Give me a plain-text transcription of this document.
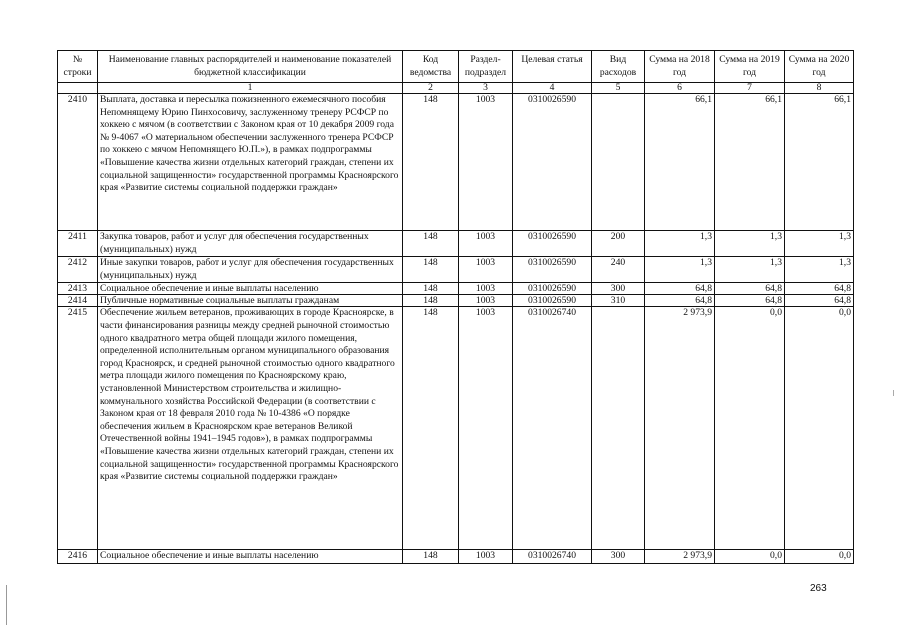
№ строки	Наименование главных распорядителей и наименование показателей бюджетной классификации	Код ведомства	Раздел-подраздел	Целевая статья	Вид расходов	Сумма на 2018 год	Сумма на 2019 год	Сумма на 2020 год
	1	2	3	4	5	6	7	8
2410	Выплата, доставка и пересылка пожизненного ежемесячного пособия Непомнящему Юрию Пинхосовичу, заслуженному тренеру РСФСР по хоккею с мячом (в соответствии с Законом края от 10 декабря 2009 года № 9-4067 «О материальном обеспечении заслуженного тренера РСФСР по хоккею с мячом Непомнящего Ю.П.»), в рамках подпрограммы «Повышение качества жизни отдельных категорий граждан, степени их социальной защищенности» государственной программы Красноярского края «Развитие системы социальной поддержки граждан»	148	1003	0310026590		66,1	66,1	66,1
2411	Закупка товаров, работ и услуг для обеспечения государственных (муниципальных) нужд	148	1003	0310026590	200	1,3	1,3	1,3
2412	Иные закупки товаров, работ и услуг для обеспечения государственных (муниципальных) нужд	148	1003	0310026590	240	1,3	1,3	1,3
2413	Социальное обеспечение и иные выплаты населению	148	1003	0310026590	300	64,8	64,8	64,8
2414	Публичные нормативные социальные выплаты гражданам	148	1003	0310026590	310	64,8	64,8	64,8
2415	Обеспечение жильем ветеранов, проживающих в городе Красноярске, в части финансирования разницы между средней рыночной стоимостью одного квадратного метра общей площади жилого помещения, определенной исполнительным органом муниципального образования город Красноярск, и средней рыночной стоимостью одного квадратного метра площади жилого помещения по Красноярскому краю, установленной Министерством строительства и жилищно-коммунального хозяйства Российской Федерации (в соответствии с Законом края от 18 февраля 2010 года № 10-4386 «О порядке обеспечения жильем в Красноярском крае ветеранов Великой Отечественной войны 1941–1945 годов»), в рамках подпрограммы «Повышение качества жизни отдельных категорий граждан, степени их социальной защищенности» государственной программы Красноярского края «Развитие системы социальной поддержки граждан»	148	1003	0310026740		2 973,9	0,0	0,0
2416	Социальное обеспечение и иные выплаты населению	148	1003	0310026740	300	2 973,9	0,0	0,0
263
